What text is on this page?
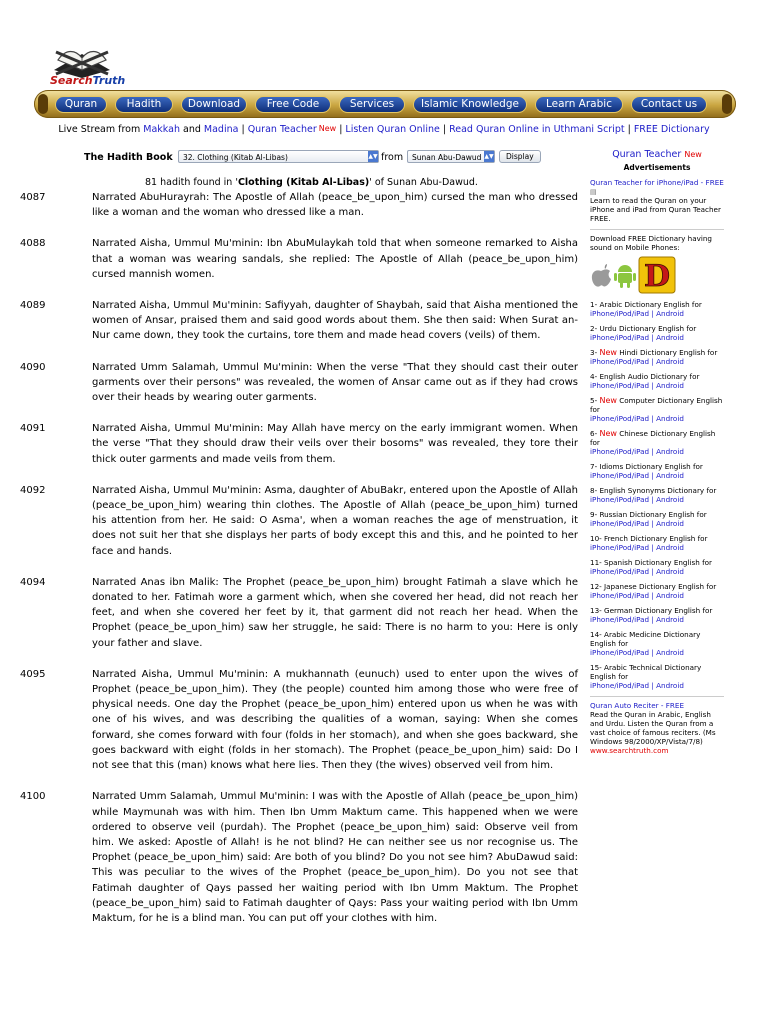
SearchTruth
Quran	Hadith	Download	Free Code	Services	Islamic Knowledge	Learn Arabic	Contact us
Live Stream from Makkah and Madina | Quran Teacher  $^{New}$ | Listen Quran Online | Read Quran Online in Uthmani Script | FREE Dictionary
The Hadith Book	32. Clothing (Kitab Al-Libas)	▲▼ from	Sunan Abu-Dawud ▲▼	Display
81 hadith found in 'Clothing (Kitab Al-Libas)' of Sunan Abu-Dawud.
4087	Narrated AbuHurayrah: The Apostle of Allah (peace_be_upon_him) cursed the man who dressed like a woman and the woman who dressed like a man.
4088	Narrated Aisha, Ummul Mu'minin: Ibn AbuMulaykah told that when someone remarked to Aisha that a woman was wearing sandals, she replied: The Apostle of Allah (peace_be_upon_him) cursed mannish women.
4089	Narrated Aisha, Ummul Mu'minin: Safiyyah, daughter of Shaybah, said that Aisha mentioned the women of Ansar, praised them and said good words about them. She then said: When Surat an-Nur came down, they took the curtains, tore them and made head covers (veils) of them.
4090	Narrated Umm Salamah, Ummul Mu'minin: When the verse "That they should cast their outer garments over their persons" was revealed, the women of Ansar came out as if they had crows over their heads by wearing outer garments.
4091	Narrated Aisha, Ummul Mu'minin: May Allah have mercy on the early immigrant women. When the verse "That they should draw their veils over their bosoms" was revealed, they tore their thick outer garments and made veils from them.
4092	Narrated Aisha, Ummul Mu'minin: Asma, daughter of AbuBakr, entered upon the Apostle of Allah (peace_be_upon_him) wearing thin clothes. The Apostle of Allah (peace_be_upon_him) turned his attention from her. He said: O Asma', when a woman reaches the age of menstruation, it does not suit her that she displays her parts of body except this and this, and he pointed to her face and hands.
4094	Narrated Anas ibn Malik: The Prophet (peace_be_upon_him) brought Fatimah a slave which he donated to her. Fatimah wore a garment which, when she covered her head, did not reach her feet, and when she covered her feet by it, that garment did not reach her head. When the Prophet (peace_be_upon_him) saw her struggle, he said: There is no harm to you: Here is only your father and slave.
4095	Narrated Aisha, Ummul Mu'minin: A mukhannath (eunuch) used to enter upon the wives of Prophet (peace_be_upon_him). They (the people) counted him among those who were free of physical needs. One day the Prophet (peace_be_upon_him) entered upon us when he was with one of his wives, and was describing the qualities of a woman, saying: When she comes forward, she comes forward with four (folds in her stomach), and when she goes backward, she goes backward with eight (folds in her stomach). The Prophet (peace_be_upon_him) said: Do I not see that this (man) knows what here lies. Then they (the wives) observed veil from him.
4100	Narrated Umm Salamah, Ummul Mu'minin: I was with the Apostle of Allah (peace_be_upon_him) while Maymunah was with him. Then Ibn Umm Maktum came. This happened when we were ordered to observe veil (purdah). The Prophet (peace_be_upon_him) said: Observe veil from him. We asked: Apostle of Allah! is he not blind? He can neither see us nor recognise us. The Prophet (peace_be_upon_him) said: Are both of you blind? Do you not see him? AbuDawud said: This was peculiar to the wives of the Prophet (peace_be_upon_him). Do you not see that Fatimah daughter of Qays passed her waiting period with Ibn Umm Maktum. The Prophet (peace_be_upon_him) said to Fatimah daughter of Qays: Pass your waiting period with Ibn Umm Maktum, for he is a blind man. You can put off your clothes with him.
Quran Teacher $^{New}$
Advertisements
Quran Teacher for iPhone/iPad - FREE ▤
Learn to read the Quran on your iPhone and iPad from Quran Teacher FREE.
Download FREE Dictionary having sound on Mobile Phones:
D
1- Arabic Dictionary English for
iPhone/iPod/iPad | Android
2- Urdu Dictionary English for
iPhone/iPod/iPad | Android
3- New Hindi Dictionary English for
iPhone/iPod/iPad | Android
4- English Audio Dictionary for
iPhone/iPod/iPad | Android
5- New Computer Dictionary English for
iPhone/iPod/iPad | Android
6- New Chinese Dictionary English for
iPhone/iPod/iPad | Android
7- Idioms Dictionary English for
iPhone/iPod/iPad | Android
8- English Synonyms Dictionary for
iPhone/iPod/iPad | Android
9- Russian Dictionary English for
iPhone/iPod/iPad | Android
10- French Dictionary English for
iPhone/iPod/iPad | Android
11- Spanish Dictionary English for
iPhone/iPod/iPad | Android
12- Japanese Dictionary English for
iPhone/iPod/iPad | Android
13- German Dictionary English for
iPhone/iPod/iPad | Android
14- Arabic Medicine Dictionary English for
iPhone/iPod/iPad | Android
15- Arabic Technical Dictionary English for
iPhone/iPod/iPad | Android
Quran Auto Reciter - FREE
Read the Quran in Arabic, English and Urdu. Listen the Quran from a vast choice of famous reciters. (Ms Windows 98/2000/XP/Vista/7/8)
www.searchtruth.com
